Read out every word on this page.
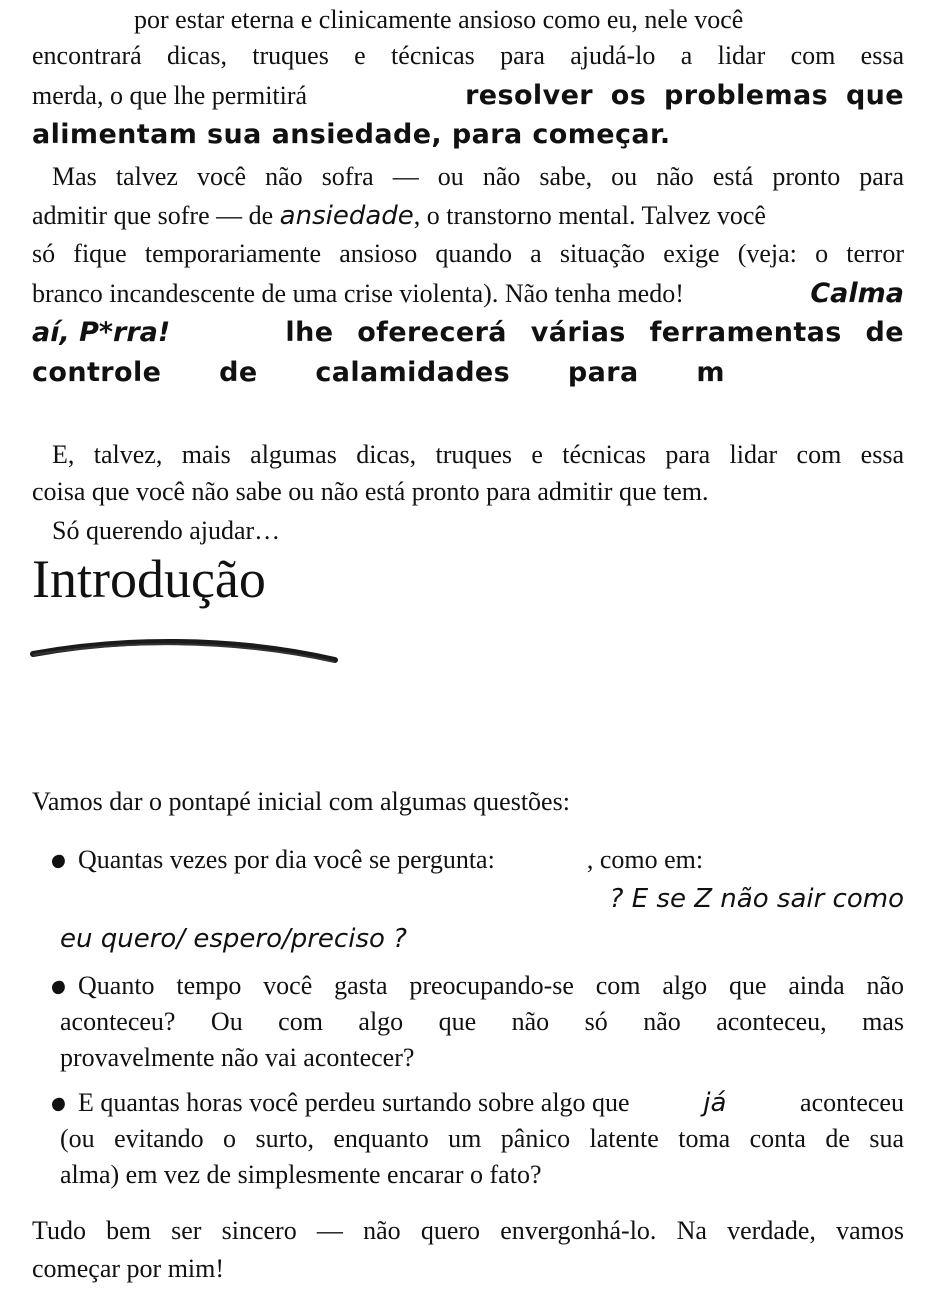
por estar eterna e clinicamente ansioso como eu, nele você
encontrará dicas, truques e técnicas para ajudá-lo a lidar com essa
merda, o que lhe permitirá	resolver os problemas que
alimentam sua ansiedade, para começar.
Mas talvez você não sofra — ou não sabe, ou não está pronto para
admitir que sofre — de ansiedade, o transtorno mental. Talvez você
só fique temporariamente ansioso quando a situação exige (veja: o terror
branco incandescente de uma crise violenta). Não tenha medo!	Calma
aí, P*rra!	lhe oferecerá várias ferramentas de
controle de calamidades para m
E, talvez, mais algumas dicas, truques e técnicas para lidar com essa
coisa que você não sabe ou não está pronto para admitir que tem.
Só querendo ajudar…
Introdução
Vamos dar o pontapé inicial com algumas questões:
Quantas vezes por dia você se pergunta:	, como em:
? E se Z não sair como
eu quero/ espero/preciso ?
Quanto tempo você gasta preocupando-se com algo que ainda não
aconteceu? Ou com algo que não só não aconteceu, mas
provavelmente não vai acontecer?
E quantas horas você perdeu surtando sobre algo que	já	aconteceu
(ou evitando o surto, enquanto um pânico latente toma conta de sua
alma) em vez de simplesmente encarar o fato?
Tudo bem ser sincero — não quero envergonhá-lo. Na verdade, vamos
começar por mim!
